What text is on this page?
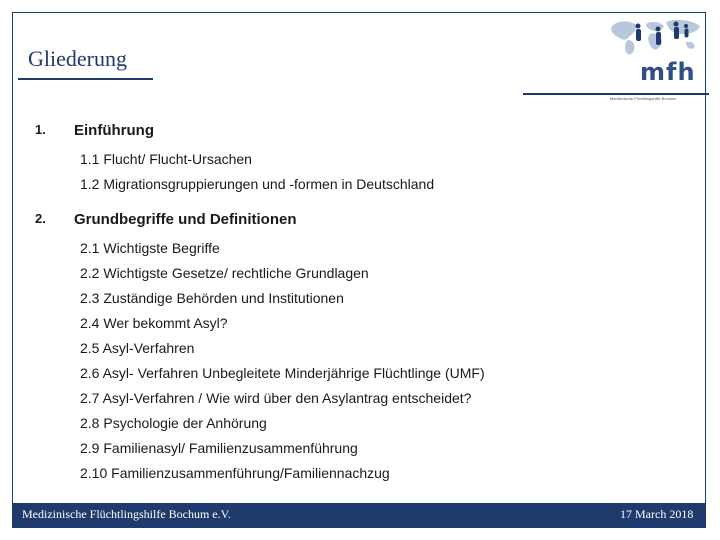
Gliederung	mfh
Medizinische Flüchtlingshilfe Bochum
1. Einführung
1.1 Flucht/ Flucht-Ursachen
1.2 Migrationsgruppierungen und -formen in Deutschland
2. Grundbegriffe und Definitionen
2.1 Wichtigste Begriffe
2.2 Wichtigste Gesetze/ rechtliche Grundlagen
2.3 Zuständige Behörden und Institutionen
2.4 Wer bekommt Asyl?
2.5 Asyl-Verfahren
2.6 Asyl- Verfahren Unbegleitete Minderjährige Flüchtlinge (UMF)
2.7 Asyl-Verfahren / Wie wird über den Asylantrag entscheidet?
2.8 Psychologie der Anhörung
2.9 Familienasyl/ Familienzusammenführung
2.10 Familienzusammenführung/Familiennachzug
Medizinische Flüchtlingshilfe Bochum e.V.	17 March 2018
